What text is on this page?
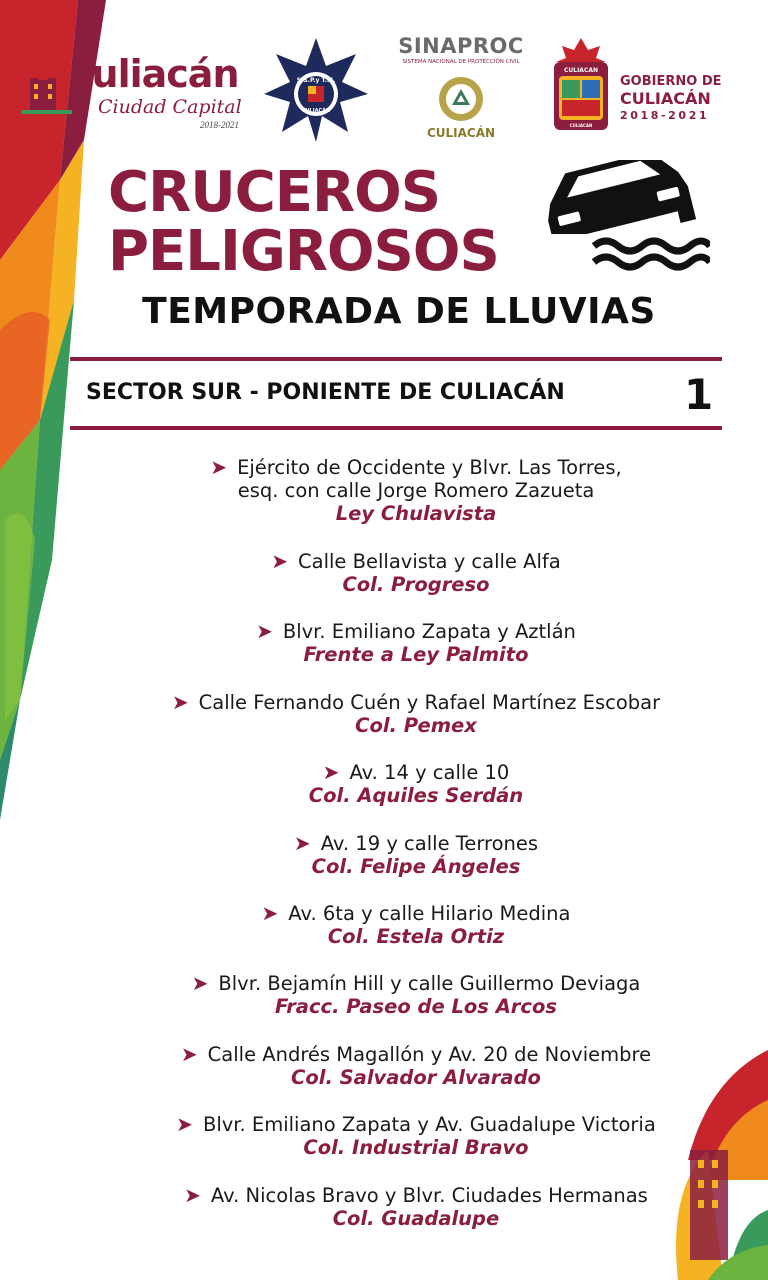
culiacán
Ciudad Capital
2018-2021
S.S.P.y T.M.
CULIACÁN
SINAPROC
SISTEMA NACIONAL DE PROTECCIÓN CIVIL
CULIACÁN
CULIACAN
CULIACAN
GOBIERNO DE
CULIACÁN
2018-2021
CRUCEROS
PELIGROSOS
TEMPORADA DE LLUVIAS
SECTOR SUR - PONIENTE DE CULIACÁN	1
➤ Ejército de Occidente y Blvr. Las Torres,
esq. con calle Jorge Romero Zazueta
Ley Chulavista
➤ Calle Bellavista y calle Alfa
Col. Progreso
➤ Blvr. Emiliano Zapata y Aztlán
Frente a Ley Palmito
➤ Calle Fernando Cuén y Rafael Martínez Escobar
Col. Pemex
➤ Av. 14 y calle 10
Col. Aquiles Serdán
➤ Av. 19 y calle Terrones
Col. Felipe Ángeles
➤ Av. 6ta y calle Hilario Medina
Col. Estela Ortiz
➤ Blvr. Bejamín Hill y calle Guillermo Deviaga
Fracc. Paseo de Los Arcos
➤ Calle Andrés Magallón y Av. 20 de Noviembre
Col. Salvador Alvarado
➤ Blvr. Emiliano Zapata y Av. Guadalupe Victoria
Col. Industrial Bravo
➤ Av. Nicolas Bravo y Blvr. Ciudades Hermanas
Col. Guadalupe
